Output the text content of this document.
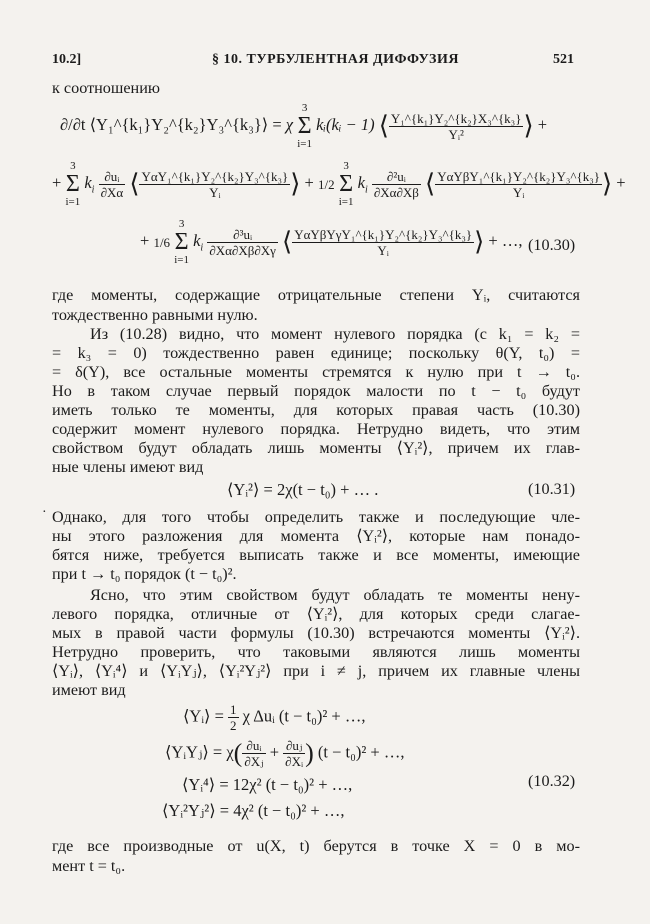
10.2]	§ 10. ТУРБУЛЕНТНАЯ ДИФФУЗИЯ	521
к соотношению
∂/∂t ⟨Y₁^{k₁}Y₂^{k₂}Y₃^{k₃}⟩ = χ 3
Σ
i=1 kᵢ(kᵢ − 1) ⟨ $\frac{\text{Y₁\textasciicircum{}\{k₁\}Y₂\textasciicircum{}\{k₂\}X₃\textasciicircum{}\{k₃\}}}{\text{Yᵢ²}}$ ⟩ +
+ 3
Σ
i=1 $k_i \frac{\text{∂uᵢ}}{\partial X\alpha}$ ⟨ $\frac{\text{YαY₁\textasciicircum{}\{k₁\}Y₂\textasciicircum{}\{k₂\}Y₃\textasciicircum{}\{k₃\}}}{\text{Yᵢ}}$ ⟩ + 1/2 3
Σ
i=1 $k_i \frac{\text{∂²uᵢ}}{\partial X\alpha\partial X\beta}$ ⟨ $\frac{\text{YαYβY₁\textasciicircum{}\{k₁\}Y₂\textasciicircum{}\{k₂\}Y₃\textasciicircum{}\{k₃\}}}{\text{Yᵢ}}$ ⟩ +
+ 1/6 3
Σ
i=1 $k_i \frac{\text{∂³uᵢ}}{\partial X\alpha\partial X\beta\partial X\gamma}$ ⟨ $\frac{\text{YαYβYγY₁\textasciicircum{}\{k₁\}Y₂\textasciicircum{}\{k₂\}Y₃\textasciicircum{}\{k₃\}}}{\text{Yᵢ}}$ ⟩ + …, (10.30)
где моменты, содержащие отрицательные степени Yᵢ, считаются
тождественно равными нулю.
Из (10.28) видно, что момент нулевого порядка (с k₁ = k₂ =
= k₃ = 0) тождественно равен единице; поскольку θ(Y, t₀) =
= δ(Y), все остальные моменты стремятся к нулю при t → t₀.
Но в таком случае первый порядок малости по t − t₀ будут
иметь только те моменты, для которых правая часть (10.30)
содержит момент нулевого порядка. Нетрудно видеть, что этим
свойством будут обладать лишь моменты ⟨Yᵢ²⟩, причем их глав-
ные члены имеют вид
⟨Yᵢ²⟩ = 2χ(t − t₀) + … .	(10.31)
· Однако, для того чтобы определить также и последующие чле-
ны этого разложения для момента ⟨Yᵢ²⟩, которые нам понадо-
бятся ниже, требуется выписать также и все моменты, имеющие
при t → t₀ порядок (t − t₀)².
Ясно, что этим свойством будут обладать те моменты нену-
левого порядка, отличные от ⟨Yᵢ²⟩, для которых среди слагае-
мых в правой части формулы (10.30) встречаются моменты ⟨Yᵢ²⟩.
Нетрудно проверить, что таковыми являются лишь моменты
⟨Yᵢ⟩, ⟨Yᵢ⁴⟩ и ⟨YᵢYⱼ⟩, ⟨Yᵢ²Yⱼ²⟩ при i ≠ j, причем их главные члены
имеют вид
⟨Yᵢ⟩ = $\frac{1}{2}$ χ Δuᵢ (t − t₀)² + …,
⟨YᵢYⱼ⟩ = $\chi( \frac{\text{∂uᵢ}}{\text{∂Xⱼ}} + \frac{\text{∂uⱼ}}{\text{∂Xᵢ}}$ ) (t − t₀)² + …,
⟨Yᵢ⁴⟩ = 12χ² (t − t₀)² + …,
⟨Yᵢ²Yⱼ²⟩ = 4χ² (t − t₀)² + …,
(10.32)
где все производные от u(X, t) берутся в точке X = 0 в мо-
мент t = t₀.
